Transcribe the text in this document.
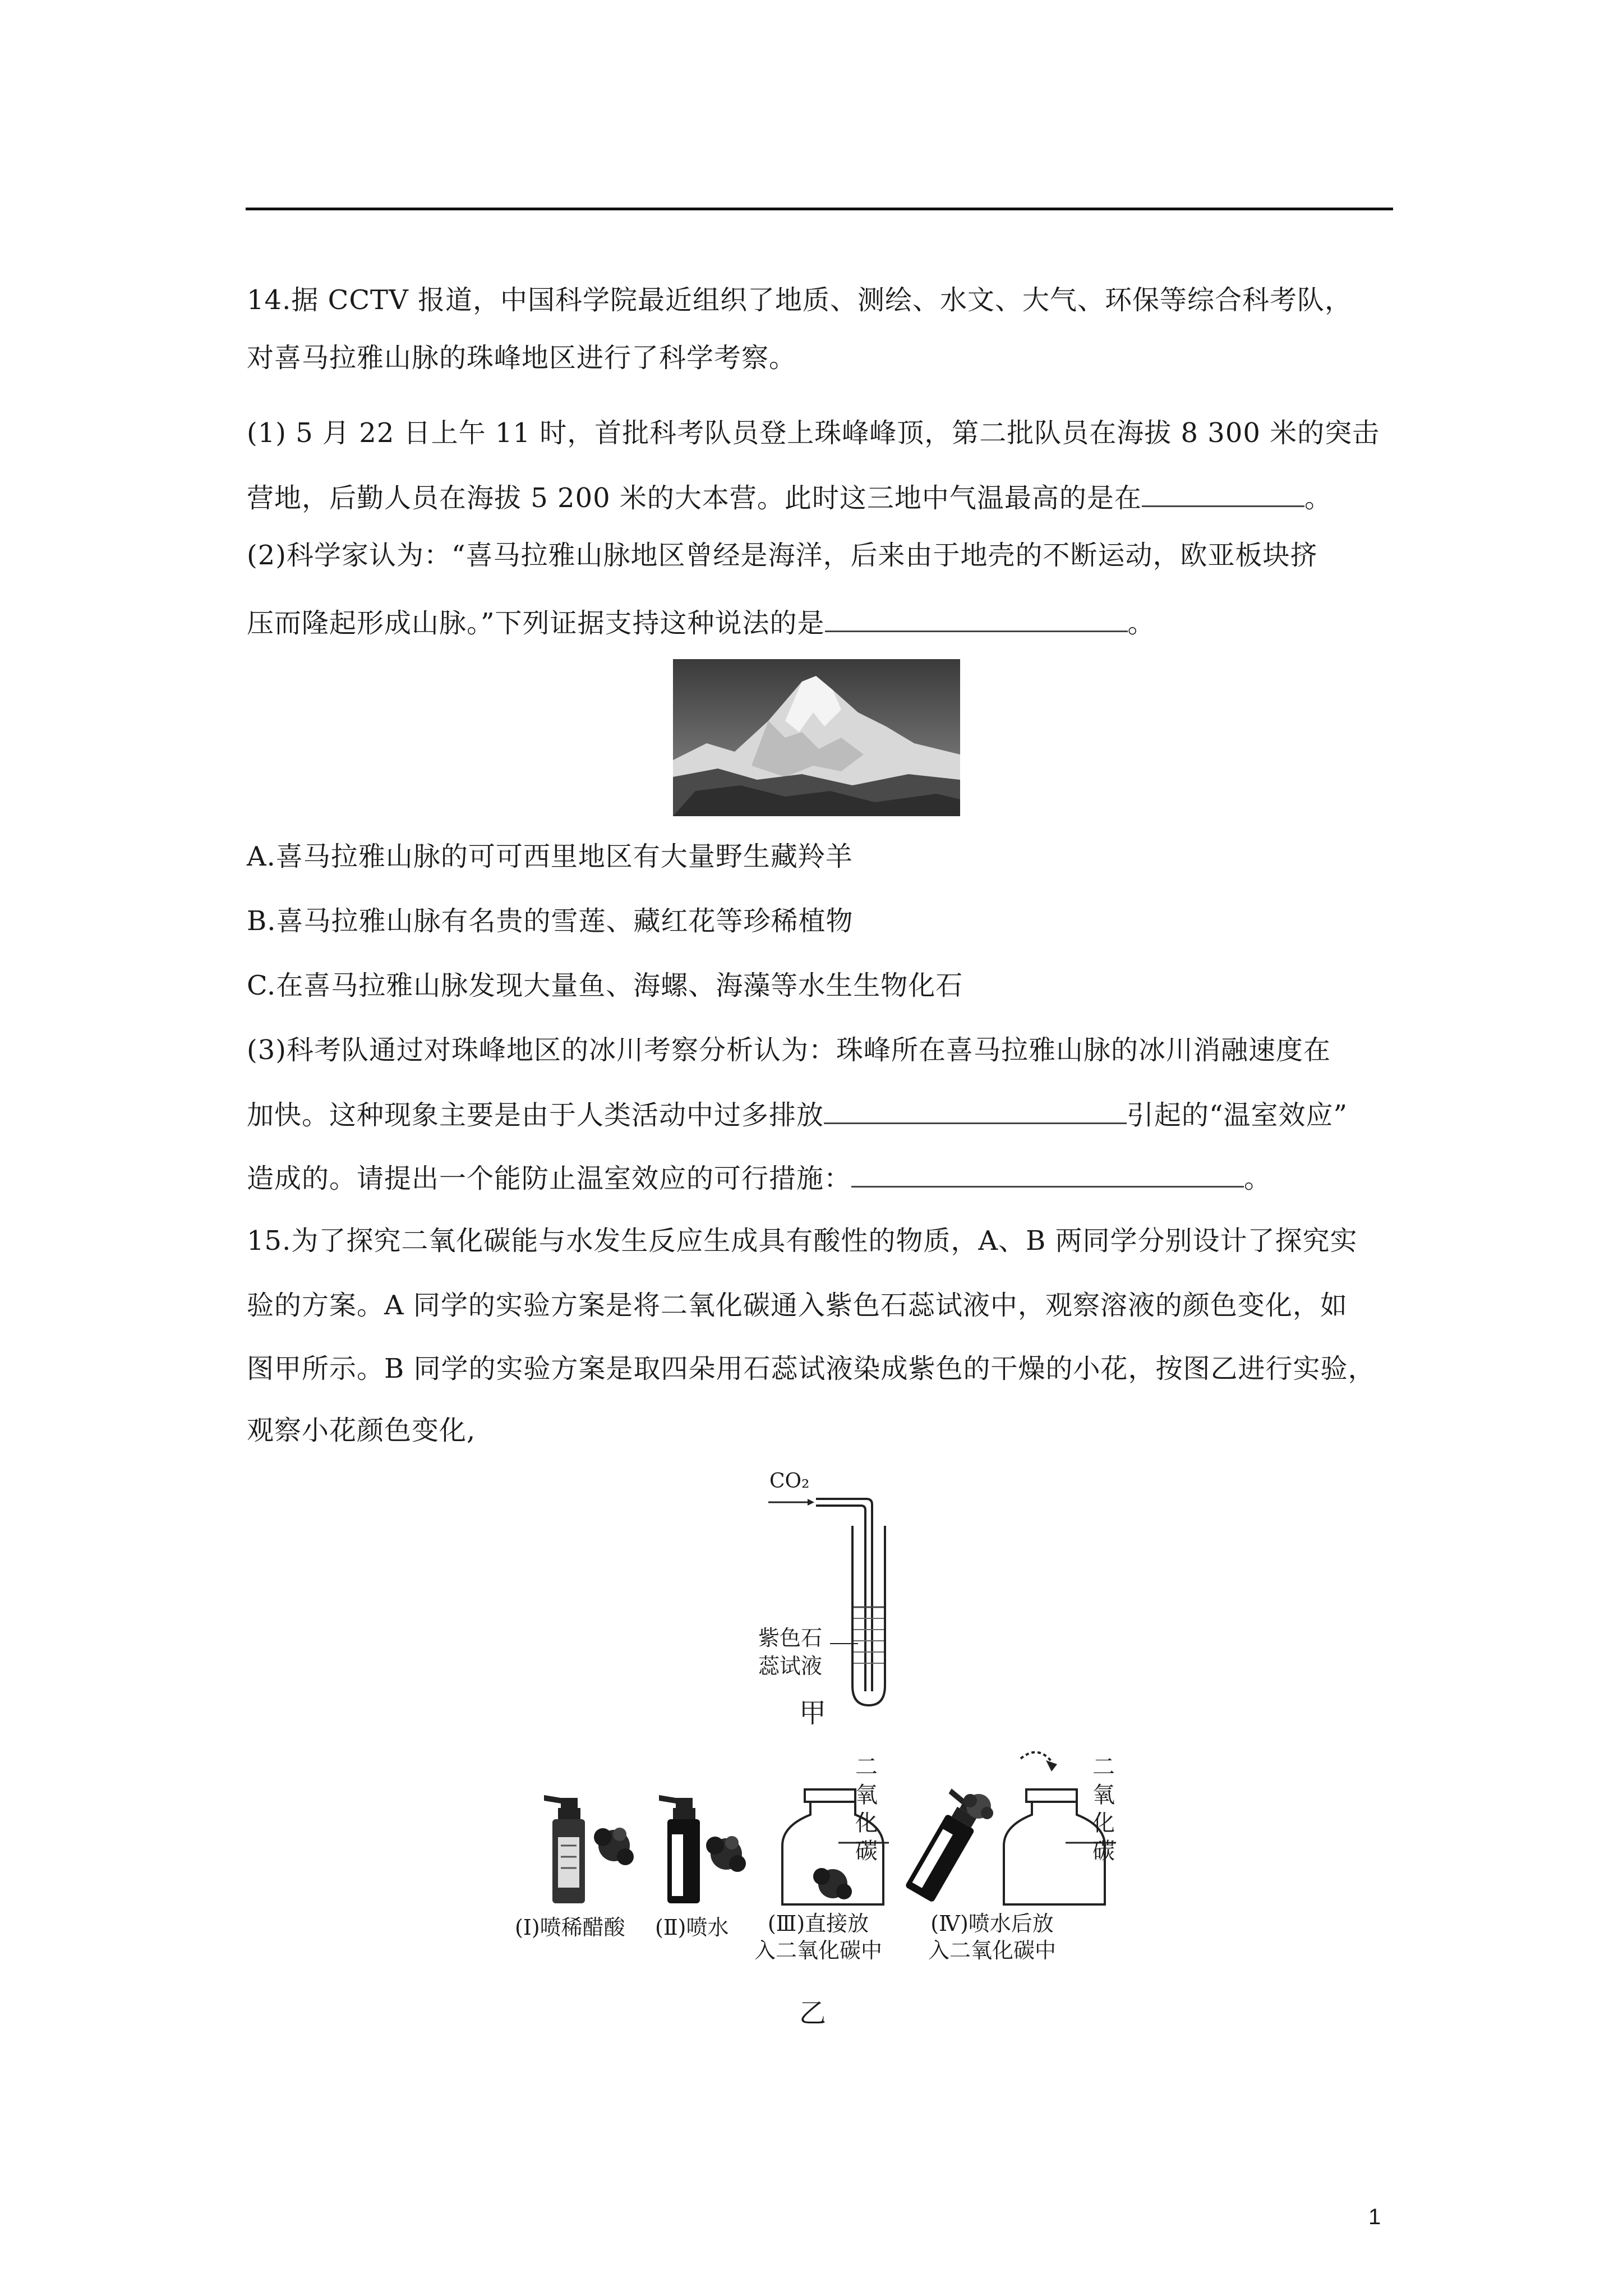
14.据 CCTV 报道，中国科学院最近组织了地质、测绘、水文、大气、环保等综合科考队，
对喜马拉雅山脉的珠峰地区进行了科学考察。
(1) 5 月 22 日上午 11 时，首批科考队员登上珠峰峰顶，第二批队员在海拔 8 300 米的突击
营地，后勤人员在海拔 5 200 米的大本营。此时这三地中气温最高的是在	。
(2)科学家认为：“喜马拉雅山脉地区曾经是海洋，后来由于地壳的不断运动，欧亚板块挤
压而隆起形成山脉。”下列证据支持这种说法的是	。
A.喜马拉雅山脉的可可西里地区有大量野生藏羚羊
B.喜马拉雅山脉有名贵的雪莲、藏红花等珍稀植物
C.在喜马拉雅山脉发现大量鱼、海螺、海藻等水生生物化石
(3)科考队通过对珠峰地区的冰川考察分析认为：珠峰所在喜马拉雅山脉的冰川消融速度在
加快。这种现象主要是由于人类活动中过多排放	引起的“温室效应”
造成的。请提出一个能防止温室效应的可行措施：	。
15.为了探究二氧化碳能与水发生反应生成具有酸性的物质，A、B 两同学分别设计了探究实
验的方案。A 同学的实验方案是将二氧化碳通入紫色石蕊试液中，观察溶液的颜色变化，如
图甲所示。B 同学的实验方案是取四朵用石蕊试液染成紫色的干燥的小花，按图乙进行实验，
观察小花颜色变化,
CO₂
紫色石
蕊试液
甲
二
氧
化
碳
二
氧
化
碳
(Ⅰ)喷稀醋酸 (Ⅱ)喷水	(Ⅲ)直接放
入二氧化碳中
(Ⅳ)喷水后放
入二氧化碳中
乙
1
